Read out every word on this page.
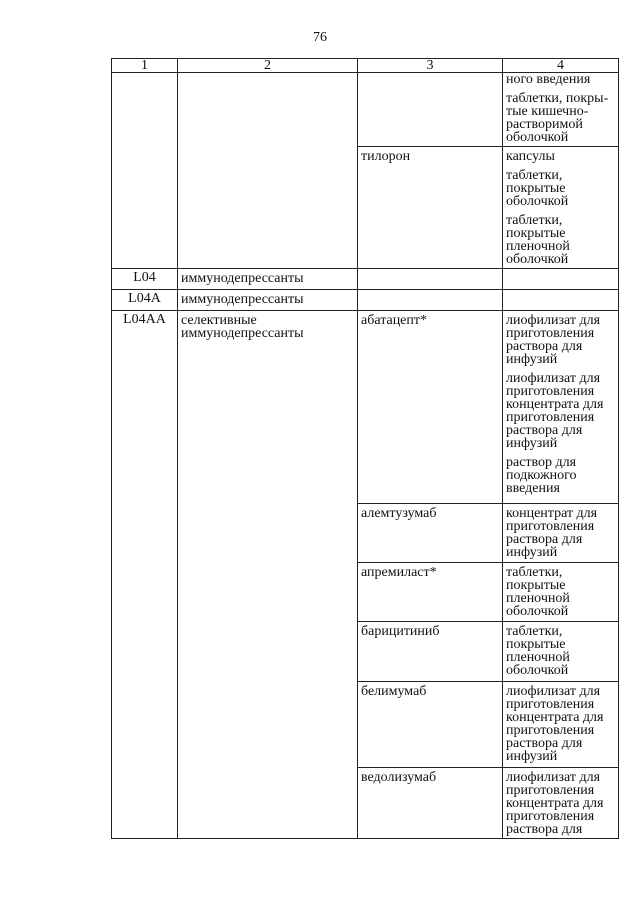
76
1	2	3	4

			ного введения
таблетки, покры-тые кишечно-растворимой оболочкой

		тилорон	капсулы
таблетки, покрытые оболочкой
таблетки, покрытые пленочной оболочкой

L04	иммунодепрессанты		
L04A	иммунодепрессанты		
L04AA	селективные иммунодепрессанты	абатацепт*	лиофилизат для приготовления раствора для инфузий
лиофилизат для приготовления концентрата для приготовления раствора для инфузий
раствор для подкожного введения

		алемтузумаб	концентрат для приготовления раствора для инфузий

		апремиласт*	таблетки, покрытые пленочной оболочкой

		барицитиниб	таблетки, покрытые пленочной оболочкой

		белимумаб	лиофилизат для приготовления концентрата для приготовления раствора для инфузий

		ведолизумаб	лиофилизат для приготовления концентрата для приготовления раствора для
